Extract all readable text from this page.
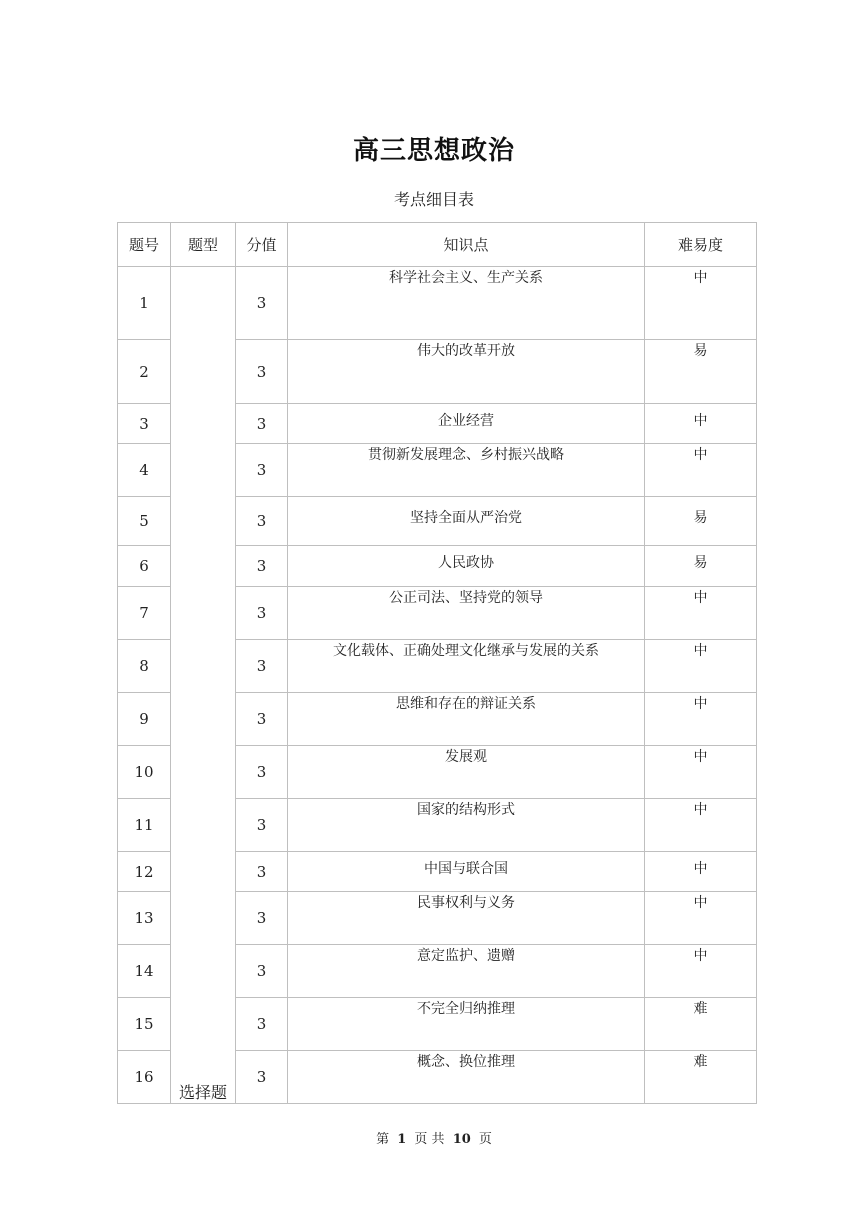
高三思想政治
考点细目表
题号	题型	分值	知识点	难易度
1	选择题	3	科学社会主义、生产关系	中
2		3	伟大的改革开放	易
3		3	企业经营	中
4		3	贯彻新发展理念、乡村振兴战略	中
5		3	坚持全面从严治党	易
6		3	人民政协	易
7		3	公正司法、坚持党的领导	中
8		3	文化载体、正确处理文化继承与发展的关系	中
9		3	思维和存在的辩证关系	中
10		3	发展观	中
11		3	国家的结构形式	中
12		3	中国与联合国	中
13		3	民事权利与义务	中
14		3	意定监护、遗赠	中
15		3	不完全归纳推理	难
16		3	概念、换位推理	难
第 1 页 共 10 页
